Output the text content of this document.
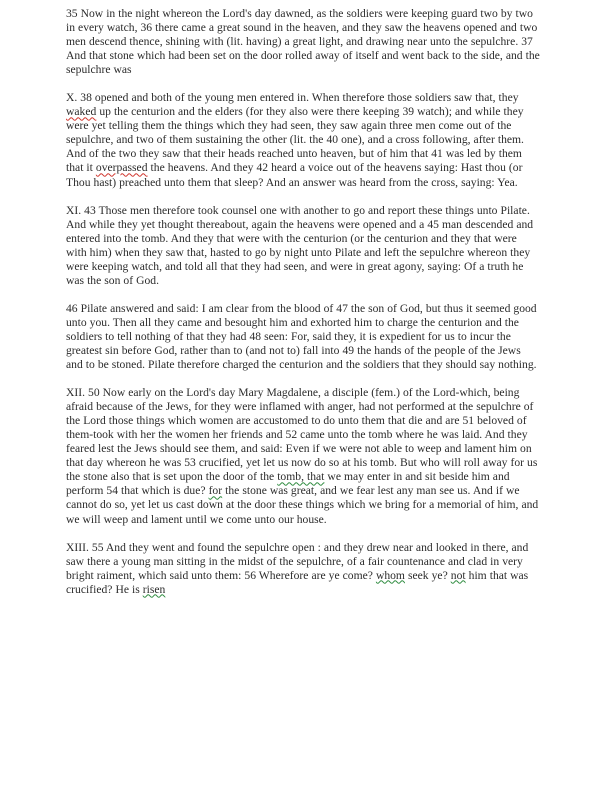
35 Now in the night whereon the Lord's day dawned, as the soldiers were keeping guard two by two in every watch, 36 there came a great sound in the heaven, and they saw the heavens opened and two men descend thence, shining with (lit. having) a great light, and drawing near unto the sepulchre. 37 And that stone which had been set on the door rolled away of itself and went back to the side, and the sepulchre was

X. 38 opened and both of the young men entered in. When therefore those soldiers saw that, they waked up the centurion and the elders (for they also were there keeping 39 watch); and while they were yet telling them the things which they had seen, they saw again three men come out of the sepulchre, and two of them sustaining the other (lit. the 40 one), and a cross following, after them. And of the two they saw that their heads reached unto heaven, but of him that 41 was led by them that it overpassed the heavens. And they 42 heard a voice out of the heavens saying: Hast thou (or Thou hast) preached unto them that sleep? And an answer was heard from the cross, saying: Yea.

XI. 43 Those men therefore took counsel one with another to go and report these things unto Pilate. And while they yet thought thereabout, again the heavens were opened and a 45 man descended and entered into the tomb. And they that were with the centurion (or the centurion and they that were with him) when they saw that, hasted to go by night unto Pilate and left the sepulchre whereon they were keeping watch, and told all that they had seen, and were in great agony, saying: Of a truth he was the son of God.

46 Pilate answered and said: I am clear from the blood of 47 the son of God, but thus it seemed good unto you. Then all they came and besought him and exhorted him to charge the centurion and the soldiers to tell nothing of that they had 48 seen: For, said they, it is expedient for us to incur the greatest sin before God, rather than to (and not to) fall into 49 the hands of the people of the Jews and to be stoned. Pilate therefore charged the centurion and the soldiers that they should say nothing.

XII. 50 Now early on the Lord's day Mary Magdalene, a disciple (fem.) of the Lord-which, being afraid because of the Jews, for they were inflamed with anger, had not performed at the sepulchre of the Lord those things which women are accustomed to do unto them that die and are 51 beloved of them-took with her the women her friends and 52 came unto the tomb where he was laid. And they feared lest the Jews should see them, and said: Even if we were not able to weep and lament him on that day whereon he was 53 crucified, yet let us now do so at his tomb. But who will roll away for us the stone also that is set upon the door of the tomb, that we may enter in and sit beside him and perform 54 that which is due? for the stone was great, and we fear lest any man see us. And if we cannot do so, yet let us cast down at the door these things which we bring for a memorial of him, and we will weep and lament until we come unto our house.

XIII. 55 And they went and found the sepulchre open : and they drew near and looked in there, and saw there a young man sitting in the midst of the sepulchre, of a fair countenance and clad in very bright raiment, which said unto them: 56 Wherefore are ye come? whom seek ye? not him that was crucified? He is risen
